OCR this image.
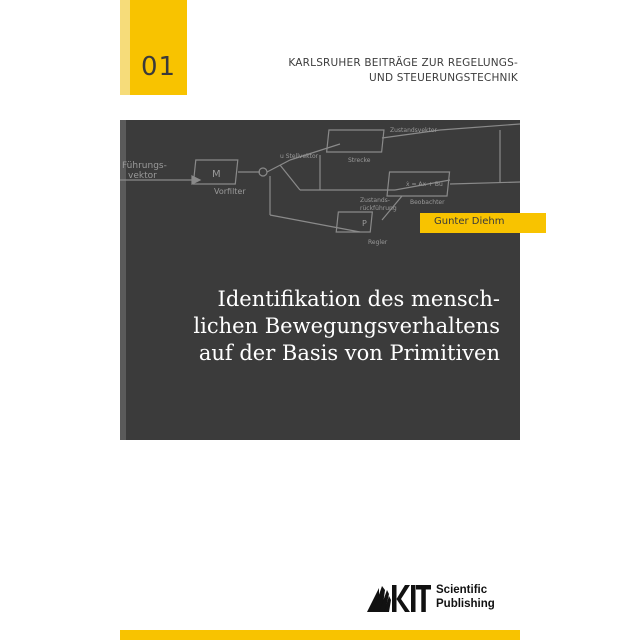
01	KARLSRUHER BEITRÄGE ZUR REGELUNGS-
UND STEUERUNGSTECHNIK
Führungs-
vektor	M
Vorfilter
u Stellvektor
Zustandsvektor
Strecke
Zustands-
rückführung
P
Regler
ẋ = Ax + Bu
Beobachter
Gunter Diehm
Identifikation des mensch-
lichen Bewegungsverhaltens
auf der Basis von Primitiven
Scientific
Publishing
